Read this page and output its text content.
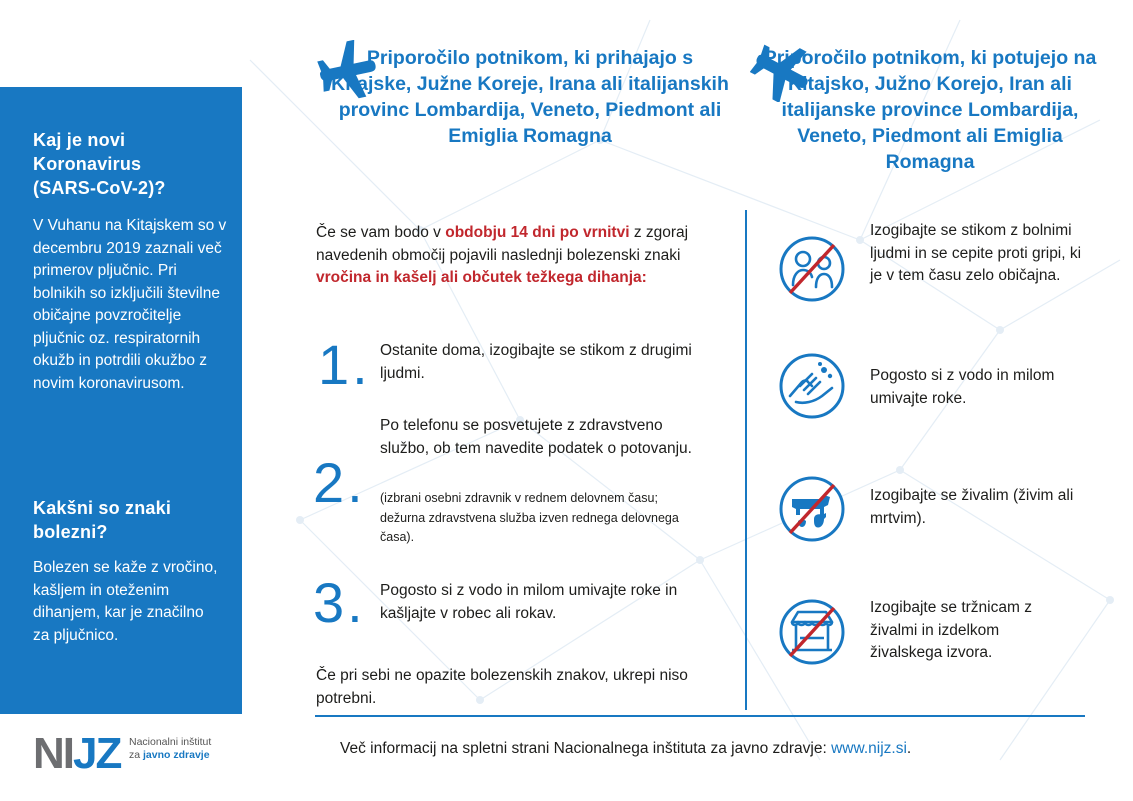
Kaj je novi Koronavirus (SARS-CoV-2)?

V Vuhanu na Kitajskem so v decembru 2019 zaznali več primerov pljučnic. Pri bolnikih so izključili številne običajne povzročitelje pljučnic oz. respiratornih okužb in potrdili okužbo z novim koronavirusom.

Kakšni so znaki bolezni?

Bolezen se kaže z vročino, kašljem in oteženim dihanjem, kar je značilno za pljučnico.

NIJZ Nacionalni inštitut
za javno zdravje
Priporočilo potnikom, ki prihajajo s Kitajske, Južne Koreje, Irana ali italijanskih provinc Lombardija, Veneto, Piedmont ali Emiglia Romagna
Priporočilo potnikom, ki potujejo na Kitajsko, Južno Korejo, Iran ali italijanske province Lombardija, Veneto, Piedmont ali Emiglia Romagna

Če se vam bodo v obdobju 14 dni po vrnitvi z zgoraj navedenih območij pojavili naslednji bolezenski znaki vročina in kašelj ali občutek težkega dihanja:

1. Ostanite doma, izogibajte se stikom z drugimi ljudmi.

2.

Po telefonu se posvetujete z zdravstveno službo, ob tem navedite podatek o potovanju.

(izbrani osebni zdravnik v rednem delovnem času; dežurna zdravstvena služba izven rednega delovnega časa).

3. Pogosto si z vodo in milom umivajte roke in kašljajte v robec ali rokav.

Če pri sebi ne opazite bolezenskih znakov, ukrepi niso potrebni.

Izogibajte se stikom z bolnimi ljudmi in se cepite proti gripi, ki je v tem času zelo običajna.

Pogosto si z vodo in milom umivajte roke.

Izogibajte se živalim (živim ali mrtvim).

Izogibajte se tržnicam z živalmi in izdelkom živalskega izvora.

Več informacij na spletni strani Nacionalnega inštituta za javno zdravje: www.nijz.si.
